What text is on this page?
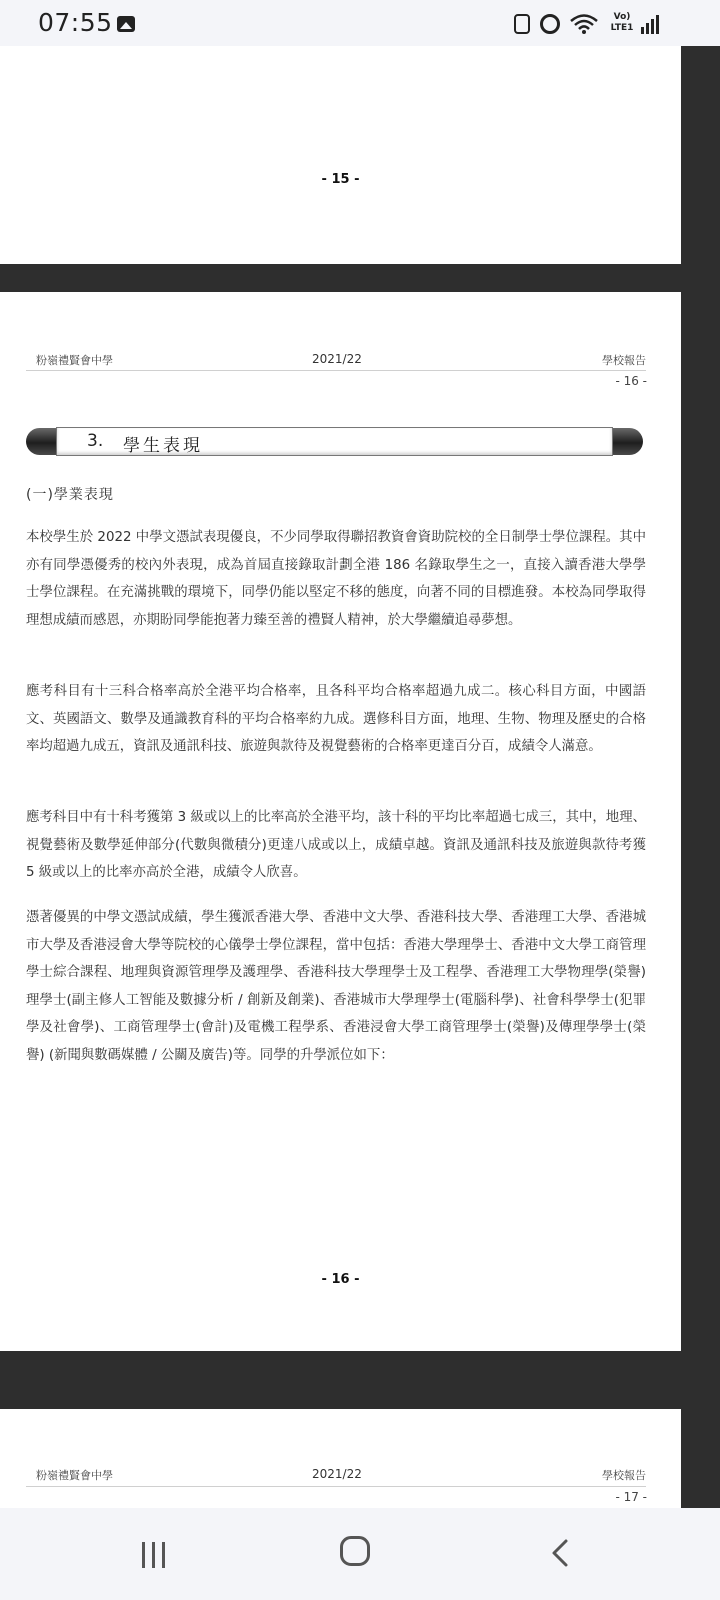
07:55	Vo)
LTE1
- 15 -
粉嶺禮賢會中學	2021/22	學校報告
- 16 -
3. 學生表現
(一)學業表現

本校學生於 2022 中學文憑試表現優良，不少同學取得聯招教資會資助院校的全日制學士學位課程。其中亦有同學憑優秀的校內外表現，成為首屆直接錄取計劃全港 186 名錄取學生之一，直接入讀香港大學學士學位課程。在充滿挑戰的環境下，同學仍能以堅定不移的態度，向著不同的目標進發。本校為同學取得理想成績而感恩，亦期盼同學能抱著力臻至善的禮賢人精神，於大學繼續追尋夢想。

應考科目有十三科合格率高於全港平均合格率，且各科平均合格率超過九成二。核心科目方面，中國語文、英國語文、數學及通識教育科的平均合格率約九成。選修科目方面，地理、生物、物理及歷史的合格率均超過九成五，資訊及通訊科技、旅遊與款待及視覺藝術的合格率更達百分百，成績令人滿意。

應考科目中有十科考獲第 3 級或以上的比率高於全港平均，該十科的平均比率超過七成三，其中，地理、視覺藝術及數學延伸部分(代數與微積分)更達八成或以上，成績卓越。資訊及通訊科技及旅遊與款待考獲 5 級或以上的比率亦高於全港，成績令人欣喜。

憑著優異的中學文憑試成績，學生獲派香港大學、香港中文大學、香港科技大學、香港理工大學、香港城市大學及香港浸會大學等院校的心儀學士學位課程，當中包括：香港大學理學士、香港中文大學工商管理學士綜合課程、地理與資源管理學及護理學、香港科技大學理學士及工程學、香港理工大學物理學(榮譽)理學士(副主修人工智能及數據分析 / 創新及創業)、香港城市大學理學士(電腦科學)、社會科學學士(犯罪學及社會學)、工商管理學士(會計)及電機工程學系、香港浸會大學工商管理學士(榮譽)及傳理學學士(榮譽) (新聞與數碼媒體 / 公關及廣告)等。同學的升學派位如下：

- 16 -
粉嶺禮賢會中學	2021/22	學校報告
- 17 -
